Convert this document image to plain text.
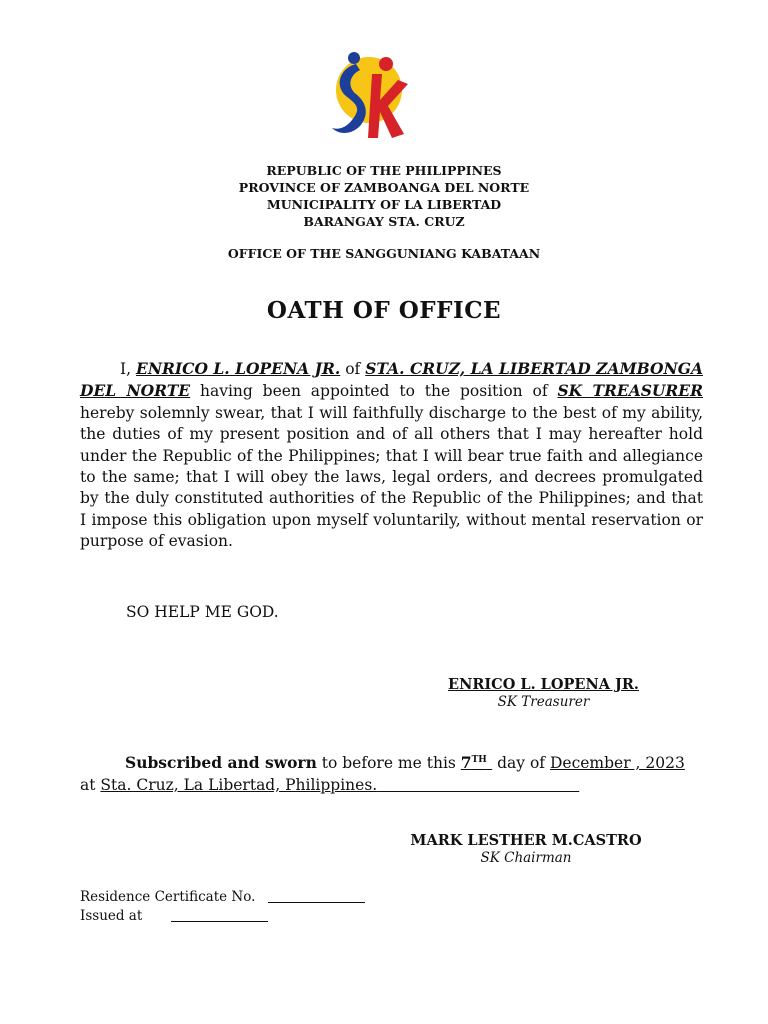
REPUBLIC OF THE PHILIPPINES
PROVINCE OF ZAMBOANGA DEL NORTE
MUNICIPALITY OF LA LIBERTAD
BARANGAY STA. CRUZ
OFFICE OF THE SANGGUNIANG KABATAAN
OATH OF OFFICE

I, ENRICO L. LOPENA JR. of STA. CRUZ, LA LIBERTAD ZAMBONGA DEL NORTE having been appointed to the position of SK TREASURER hereby solemnly swear, that I will faithfully discharge to the best of my ability, the duties of my present position and of all others that I may hereafter hold under the Republic of the Philippines; that I will bear true faith and allegiance to the same; that I will obey the laws, legal orders, and decrees promulgated by the duly constituted authorities of the Republic of the Philippines; and that I impose this obligation upon myself voluntarily, without mental reservation or purpose of evasion.

SO HELP ME GOD.
ENRICO L. LOPENA JR.
SK Treasurer

Subscribed and sworn to before me this 7TH  day of December , 2023 at Sta. Cruz, La Libertad, Philippines.

MARK LESTHER M.CASTRO
SK Chairman
Residence Certificate No.
Issued at
